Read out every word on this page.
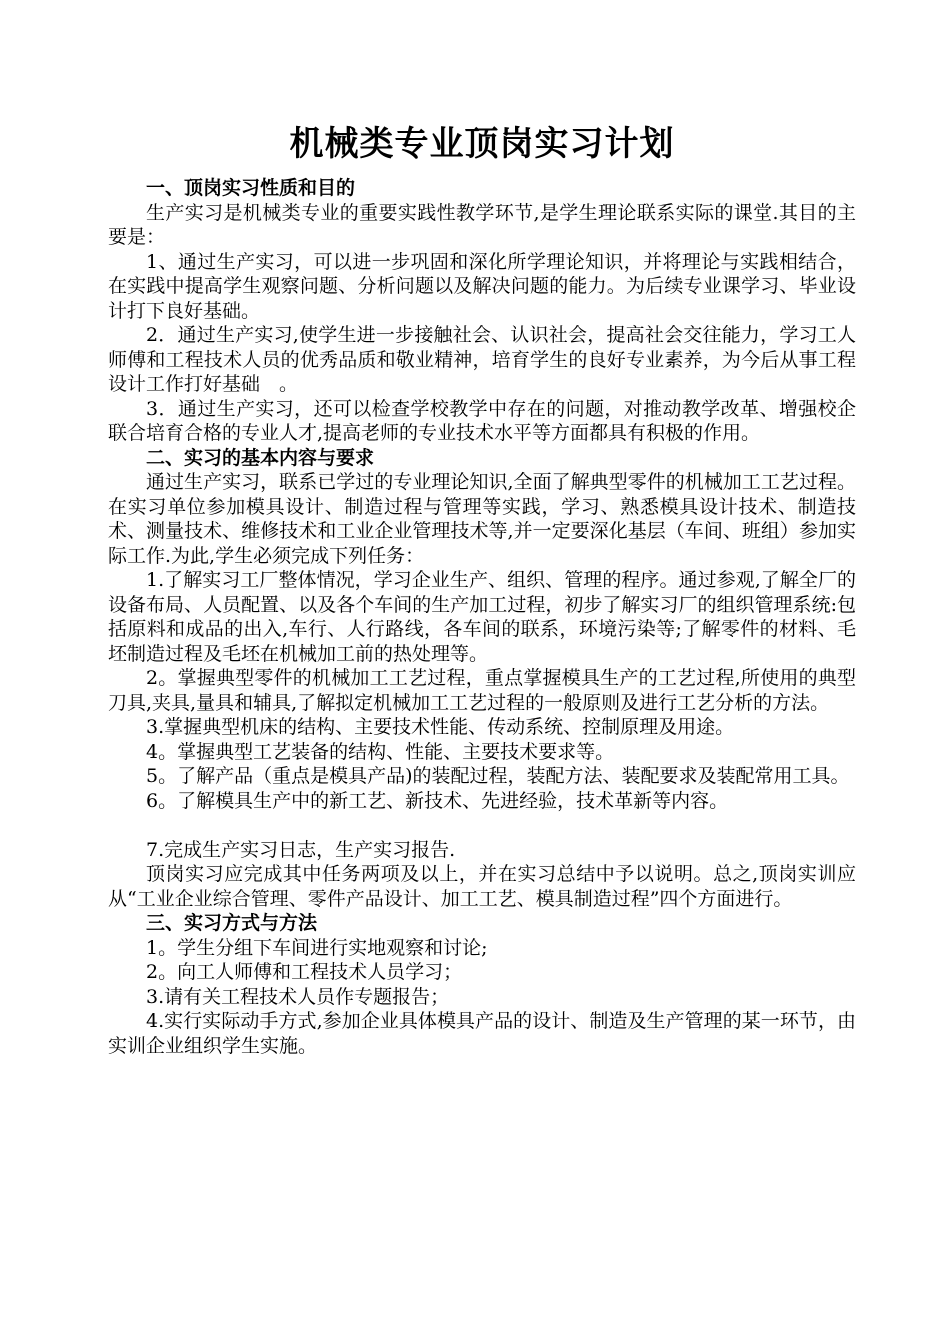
机械类专业顶岗实习计划

一、顶岗实习性质和目的

生产实习是机械类专业的重要实践性教学环节,是学生理论联系实际的课堂.其目的主要是：

1、通过生产实习，可以进一步巩固和深化所学理论知识，并将理论与实践相结合，在实践中提高学生观察问题、分析问题以及解决问题的能力。为后续专业课学习、毕业设计打下良好基础。

2．通过生产实习,使学生进一步接触社会、认识社会，提高社会交往能力，学习工人师傅和工程技术人员的优秀品质和敬业精神，培育学生的良好专业素养，为今后从事工程设计工作打好基础　。

3．通过生产实习，还可以检查学校教学中存在的问题，对推动教学改革、增强校企联合培育合格的专业人才,提高老师的专业技术水平等方面都具有积极的作用。

二、实习的基本内容与要求

通过生产实习，联系已学过的专业理论知识,全面了解典型零件的机械加工工艺过程。在实习单位参加模具设计、制造过程与管理等实践，学习、熟悉模具设计技术、制造技术、测量技术、维修技术和工业企业管理技术等,并一定要深化基层（车间、班组）参加实际工作.为此,学生必须完成下列任务：

1.了解实习工厂整体情况，学习企业生产、组织、管理的程序。通过参观,了解全厂的设备布局、人员配置、以及各个车间的生产加工过程，初步了解实习厂的组织管理系统:包括原料和成品的出入,车行、人行路线，各车间的联系，环境污染等;了解零件的材料、毛坯制造过程及毛坯在机械加工前的热处理等。

2。掌握典型零件的机械加工工艺过程，重点掌握模具生产的工艺过程,所使用的典型刀具,夹具,量具和辅具,了解拟定机械加工工艺过程的一般原则及进行工艺分析的方法。

3.掌握典型机床的结构、主要技术性能、传动系统、控制原理及用途。

4。掌握典型工艺装备的结构、性能、主要技术要求等。

5。了解产品（重点是模具产品)的装配过程，装配方法、装配要求及装配常用工具。

6。了解模具生产中的新工艺、新技术、先进经验，技术革新等内容。

7.完成生产实习日志，生产实习报告.

顶岗实习应完成其中任务两项及以上，并在实习总结中予以说明。总之,顶岗实训应从“工业企业综合管理、零件产品设计、加工工艺、模具制造过程”四个方面进行。

三、实习方式与方法

1。学生分组下车间进行实地观察和讨论;

2。向工人师傅和工程技术人员学习；

3.请有关工程技术人员作专题报告；

4.实行实际动手方式,参加企业具体模具产品的设计、制造及生产管理的某一环节，由实训企业组织学生实施。
